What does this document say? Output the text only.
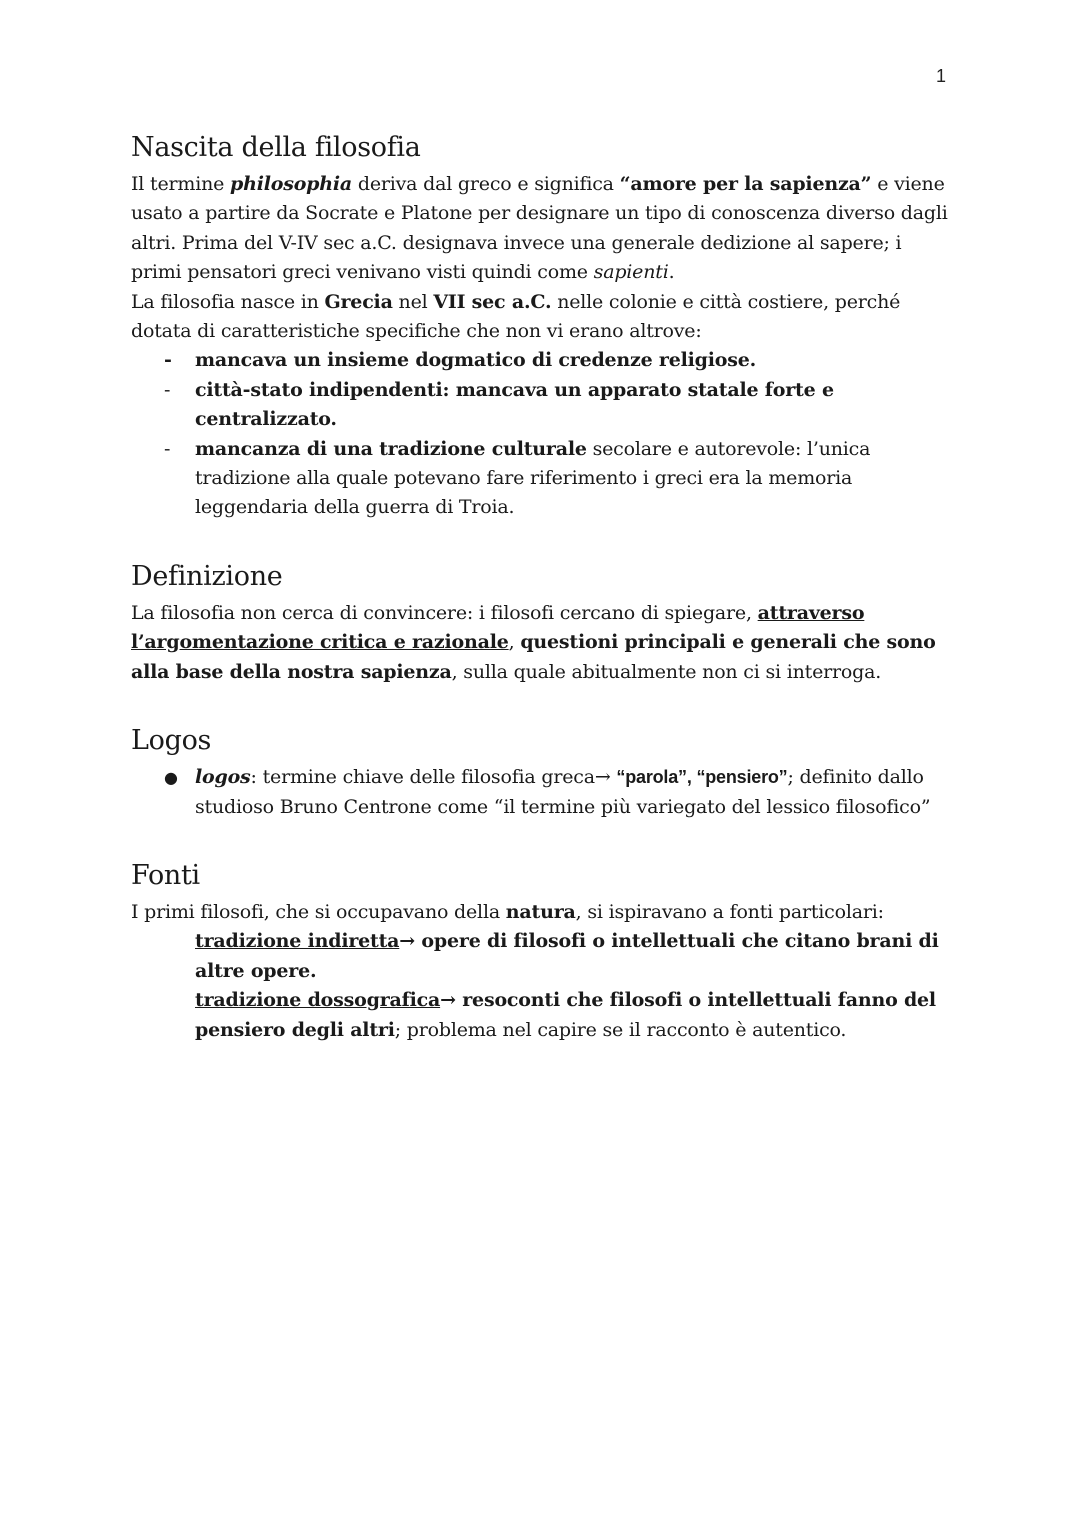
1
Nascita della filosofia

Il termine philosophia deriva dal greco e significa “amore per la sapienza” e viene usato a partire da Socrate e Platone per designare un tipo di conoscenza diverso dagli altri. Prima del V-IV sec a.C. designava invece una generale dedizione al sapere; i primi pensatori greci venivano visti quindi come sapienti.

La filosofia nasce in Grecia nel VII sec a.C. nelle colonie e città costiere, perché dotata di caratteristiche specifiche che non vi erano altrove:

- mancava un insieme dogmatico di credenze religiose.
- città-stato indipendenti: mancava un apparato statale forte e centralizzato.
- mancanza di una tradizione culturale secolare e autorevole: l’unica tradizione alla quale potevano fare riferimento i greci era la memoria leggendaria della guerra di Troia.
Definizione

La filosofia non cerca di convincere: i filosofi cercano di spiegare, attraverso l’argomentazione critica e razionale, questioni principali e generali che sono alla base della nostra sapienza, sulla quale abitualmente non ci si interroga.

Logos
● logos: termine chiave delle filosofia greca→ “parola”, “pensiero”; definito dallo studioso Bruno Centrone come “il termine più variegato del lessico filosofico”
Fonti

I primi filosofi, che si occupavano della natura, si ispiravano a fonti particolari:

tradizione indiretta→ opere di filosofi o intellettuali che citano brani di altre opere.

tradizione dossografica→ resoconti che filosofi o intellettuali fanno del pensiero degli altri; problema nel capire se il racconto è autentico.
